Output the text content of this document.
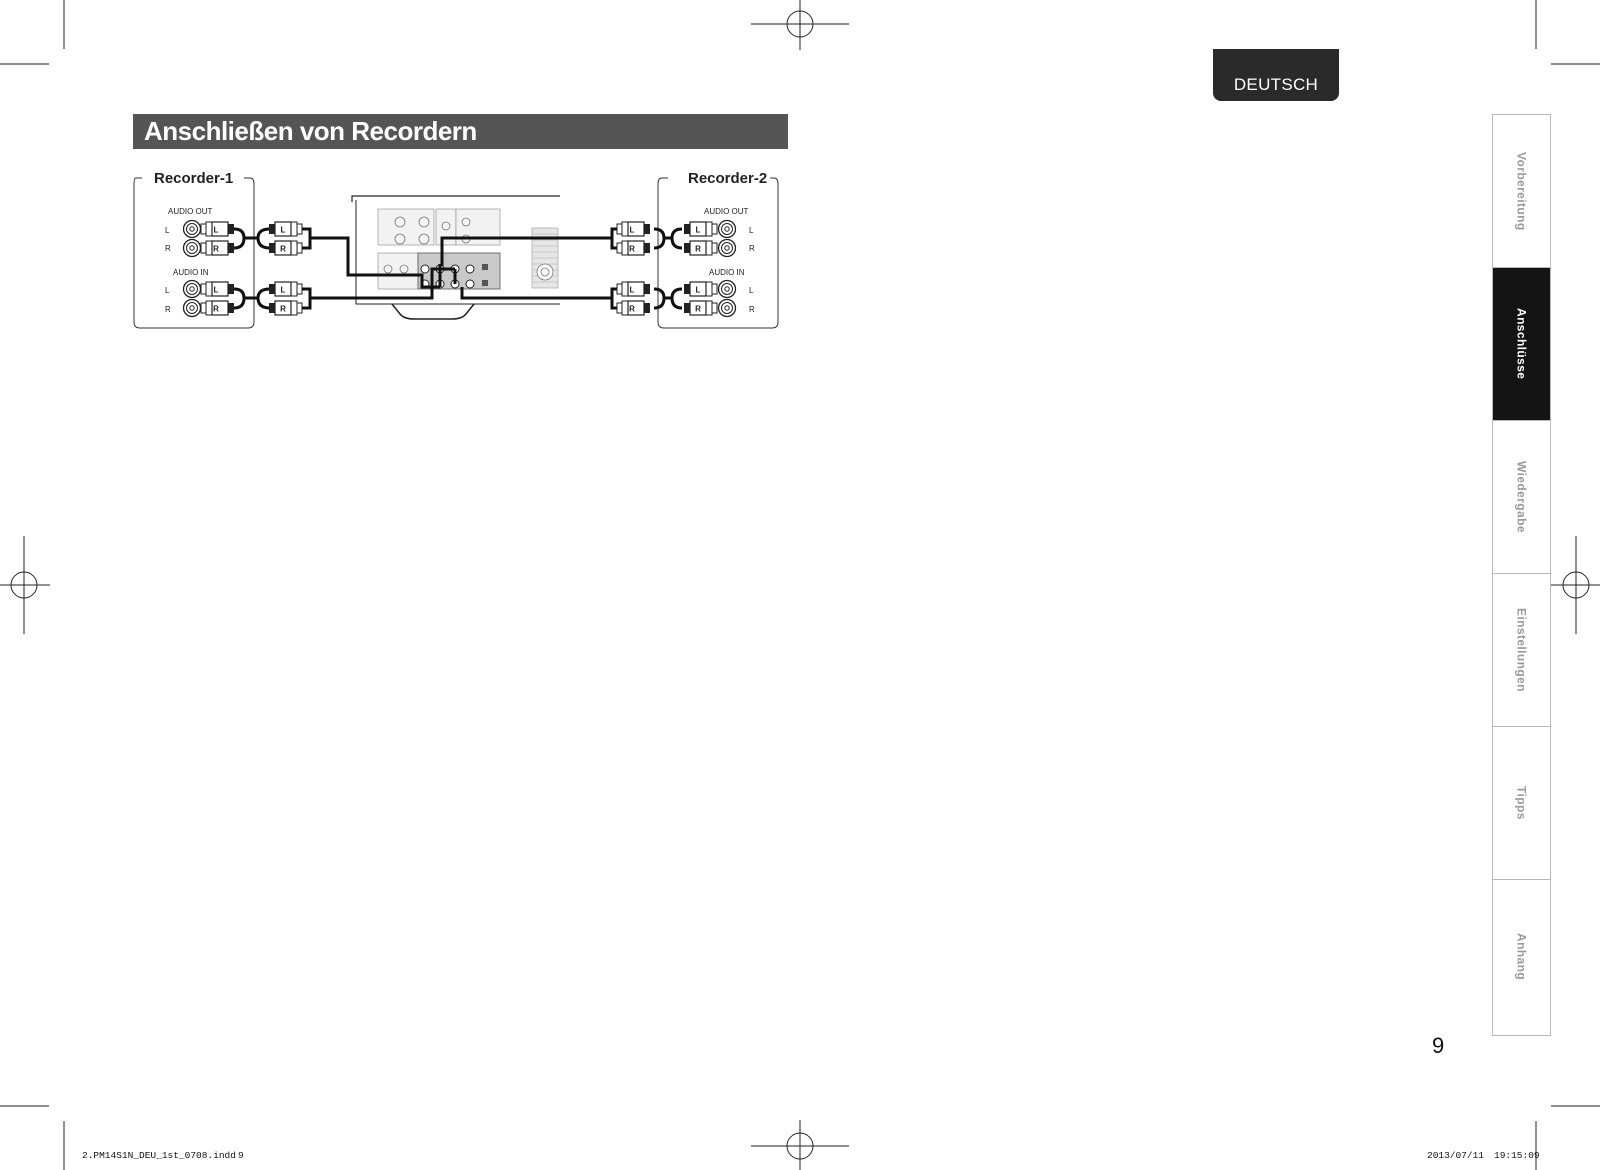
DEUTSCH
Anschließen von Recordern
Recorder-1	Recorder-2
AUDIO OUT
AUDIO IN
L
R
L
R
AUDIO OUT
AUDIO IN
L
R
L
R
L
R
L
R
L
R
L
R
L
R
L
R
L
R
L
R
Vorbereitung
Anschlüsse
Wiedergabe
Einstellungen
Tipps
Anhang
9
2.PM14S1N_DEU_1st_0708.indd 9	2013/07/11 19:15:09
